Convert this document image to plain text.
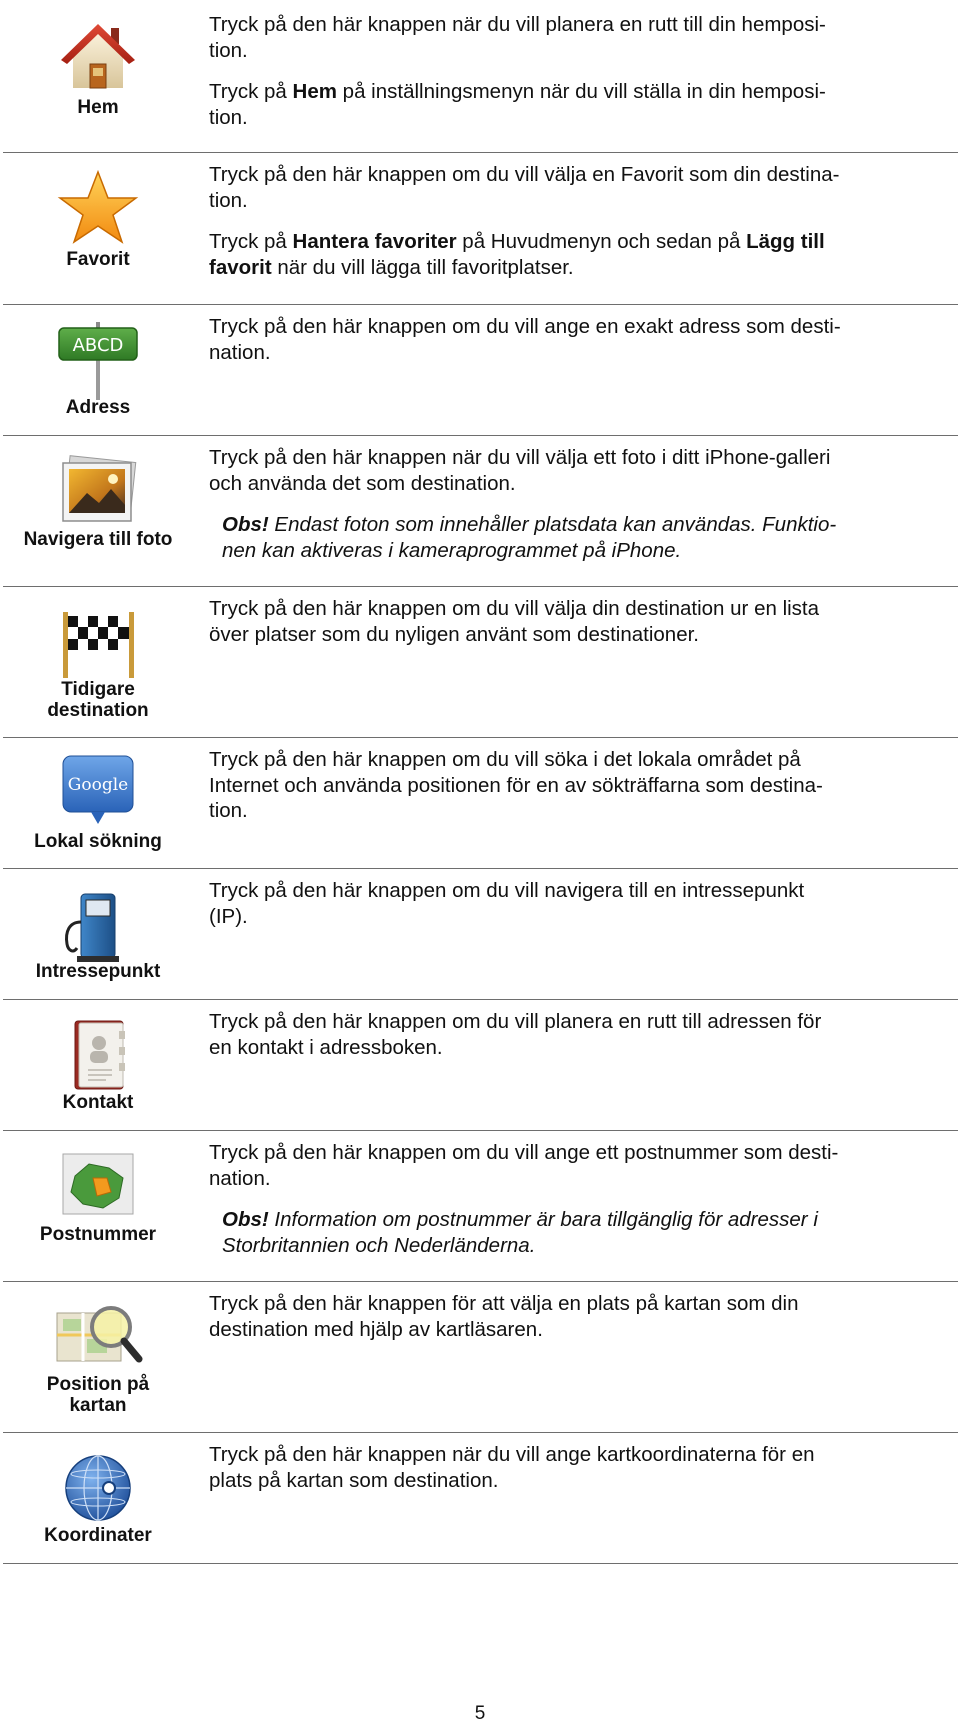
Hem

Tryck på den här knappen när du vill planera en rutt till din hemposi-
tion.

Tryck på Hem på inställningsmenyn när du vill ställa in din hemposi-
tion.

Favorit

Tryck på den här knappen om du vill välja en Favorit som din destina-
tion.

Tryck på Hantera favoriter på Huvudmenyn och sedan på Lägg till
favorit när du vill lägga till favoritplatser.

ABCD
Adress

Tryck på den här knappen om du vill ange en exakt adress som desti-
nation.

Navigera till foto

Tryck på den här knappen när du vill välja ett foto i ditt iPhone-galleri
och använda det som destination.

Obs! Endast foton som innehåller platsdata kan användas. Funktio-
nen kan aktiveras i kameraprogrammet på iPhone.

Tidigare
destination

Tryck på den här knappen om du vill välja din destination ur en lista
över platser som du nyligen använt som destinationer.

Google
Lokal sökning

Tryck på den här knappen om du vill söka i det lokala området på
Internet och använda positionen för en av sökträffarna som destina-
tion.

Intressepunkt

Tryck på den här knappen om du vill navigera till en intressepunkt
(IP).

Kontakt

Tryck på den här knappen om du vill planera en rutt till adressen för
en kontakt i adressboken.

Postnummer

Tryck på den här knappen om du vill ange ett postnummer som desti-
nation.

Obs! Information om postnummer är bara tillgänglig för adresser i
Storbritannien och Nederländerna.

Position på
kartan

Tryck på den här knappen för att välja en plats på kartan som din
destination med hjälp av kartläsaren.

Koordinater

Tryck på den här knappen när du vill ange kartkoordinaterna för en
plats på kartan som destination.

5
